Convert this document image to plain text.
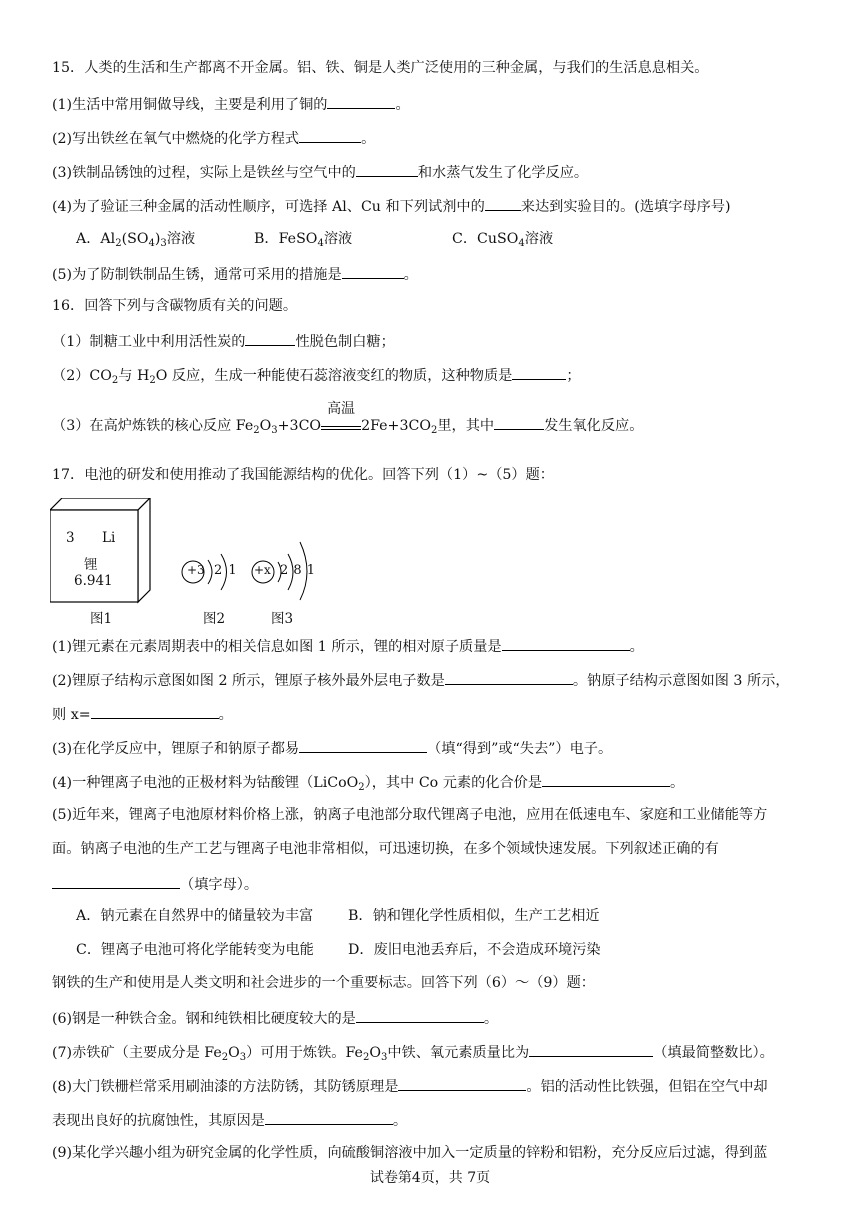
15．人类的生活和生产都离不开金属。铝、铁、铜是人类广泛使用的三种金属，与我们的生活息息相关。
(1)生活中常用铜做导线，主要是利用了铜的	。
(2)写出铁丝在氧气中燃烧的化学方程式	。
(3)铁制品锈蚀的过程，实际上是铁丝与空气中的	和水蒸气发生了化学反应。
(4)为了验证三种金属的活动性顺序，可选择 Al、Cu 和下列试剂中的	来达到实验目的。(选填字母序号)
A．$Al_2(SO_4)_3$溶液	B．FeSO$_4$溶液	C．CuSO$_4$溶液
(5)为了防制铁制品生锈，通常可采用的措施是	。
16．回答下列与含碳物质有关的问题。
（1）制糖工业中利用活性炭的	性脱色制白糖；
$(2)CO_2$与 $H_2O$ 反应，生成一种能使石蕊溶液变红的物质，这种物质是	；
（3）在高炉炼铁的核心反应 $Fe_2O_3+3CO$
高温
$2Fe+3CO_2$里，其中	发生氧化反应。
17．电池的研发和使用推动了我国能源结构的优化。回答下列（1）~（5）题：
3 Li
锂
6.941
图1
+3 2 1
图2
+x 2 8 1
图3
(1)锂元素在元素周期表中的相关信息如图 1 所示，锂的相对原子质量是	。
(2)锂原子结构示意图如图 2 所示，锂原子核外最外层电子数是	。钠原子结构示意图如图 3 所示，
则 x=	。
(3)在化学反应中，锂原子和钠原子都易	（填“得到”或“失去”）电子。
(4)一种锂离子电池的正极材料为钴酸锂（LiCoO$_2$），其中 Co 元素的化合价是	。
(5)近年来，锂离子电池原材料价格上涨，钠离子电池部分取代锂离子电池，应用在低速电车、家庭和工业储能等方
面。钠离子电池的生产工艺与锂离子电池非常相似，可迅速切换，在多个领域快速发展。下列叙述正确的有
（填字母）。
A．钠元素在自然界中的储量较为丰富 B．钠和锂化学性质相似，生产工艺相近
C．锂离子电池可将化学能转变为电能 D．废旧电池丢弃后，不会造成环境污染
钢铁的生产和使用是人类文明和社会进步的一个重要标志。回答下列（6）～（9）题：
(6)钢是一种铁合金。钢和纯铁相比硬度较大的是	。
(7)赤铁矿（主要成分是 $Fe_2O_3$）可用于炼铁。$Fe_2O_3$中铁、氧元素质量比为	（填最简整数比）。
(8)大门铁栅栏常采用刷油漆的方法防锈，其防锈原理是	。铝的活动性比铁强，但铝在空气中却
表现出良好的抗腐蚀性，其原因是	。
(9)某化学兴趣小组为研究金属的化学性质，向硫酸铜溶液中加入一定质量的锌粉和铝粉，充分反应后过滤，得到蓝
试卷第4页，共 7页
